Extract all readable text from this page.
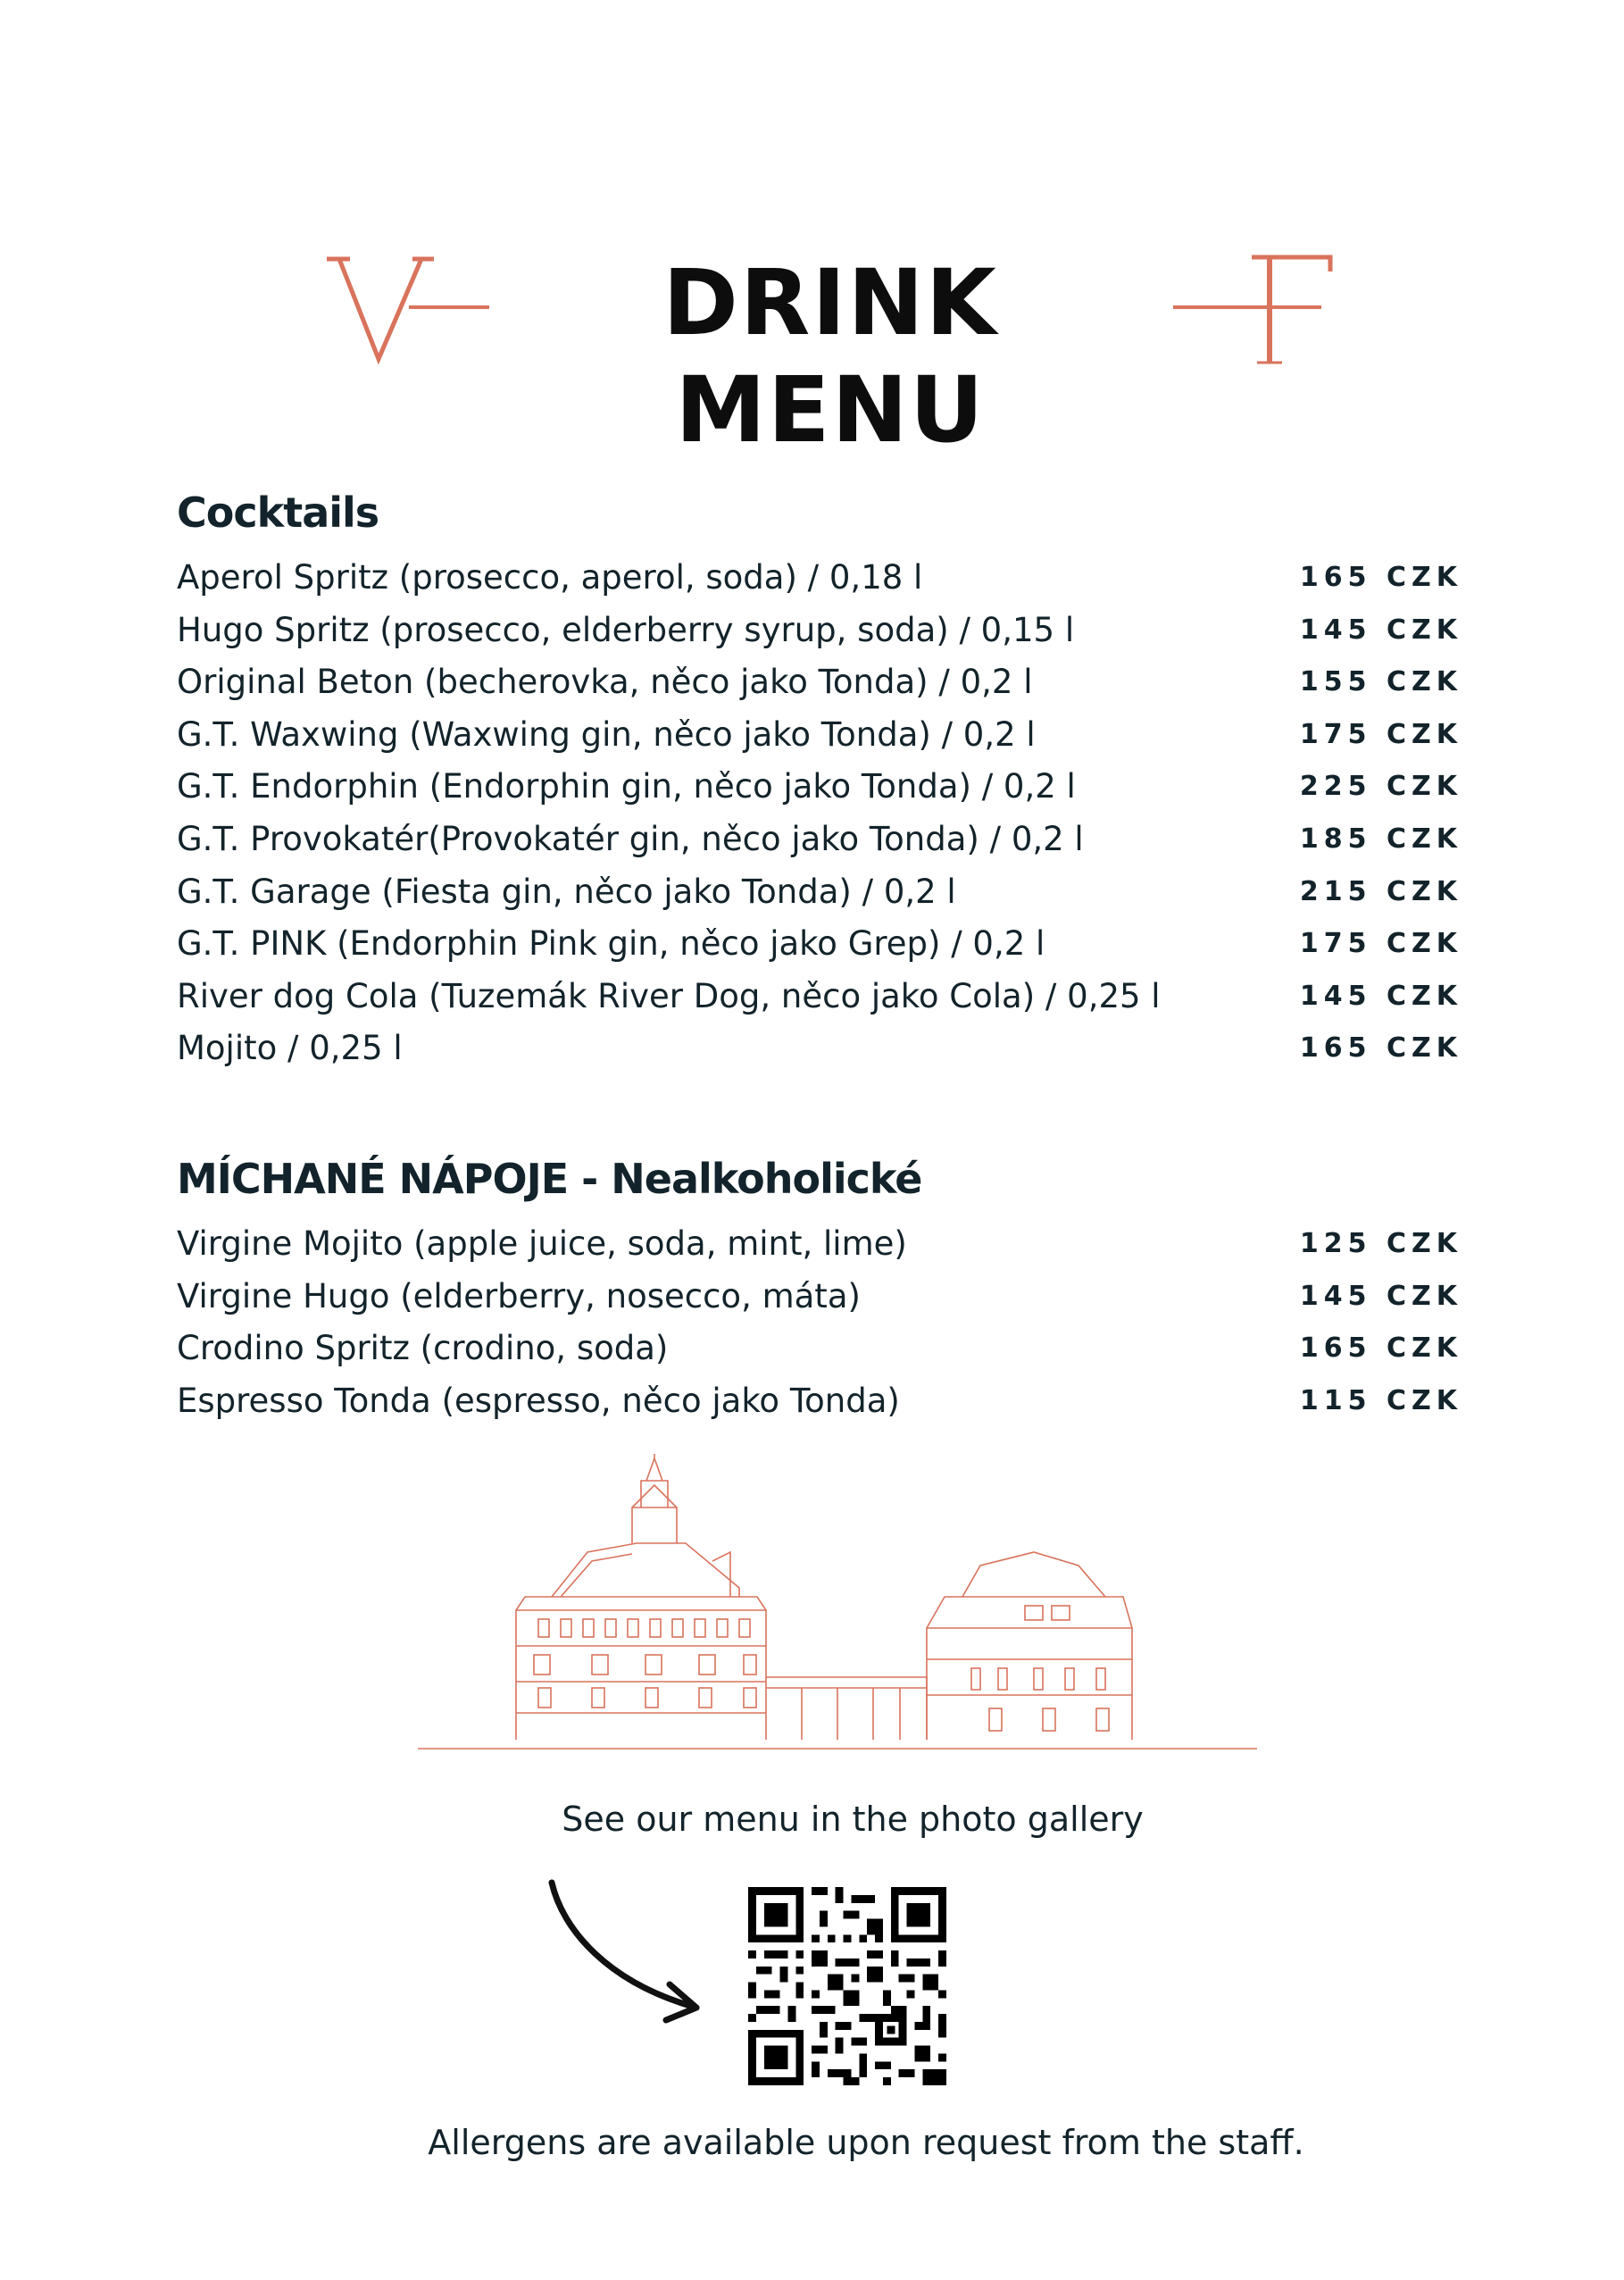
DRINK MENU
Cocktails
Aperol Spritz (prosecco, aperol, soda) / 0,18 l	165 CZK
Hugo Spritz (prosecco, elderberry syrup, soda) / 0,15 l	145 CZK
Original Beton (becherovka, něco jako Tonda) / 0,2 l	155 CZK
G.T. Waxwing (Waxwing gin, něco jako Tonda) / 0,2 l	175 CZK
G.T. Endorphin (Endorphin gin, něco jako Tonda) / 0,2 l	225 CZK
G.T. Provokatér(Provokatér gin, něco jako Tonda) / 0,2 l	185 CZK
G.T. Garage (Fiesta gin, něco jako Tonda) / 0,2 l	215 CZK
G.T. PINK (Endorphin Pink gin, něco jako Grep) / 0,2 l	175 CZK
River dog Cola (Tuzemák River Dog, něco jako Cola) / 0,25 l	145 CZK
Mojito / 0,25 l	165 CZK
MÍCHANÉ NÁPOJE - Nealkoholické
Virgine Mojito (apple juice, soda, mint, lime)	125 CZK
Virgine Hugo (elderberry, nosecco, máta)	145 CZK
Crodino Spritz (crodino, soda)	165 CZK
Espresso Tonda (espresso, něco jako Tonda)	115 CZK
See our menu in the photo gallery
Allergens are available upon request from the staff.
